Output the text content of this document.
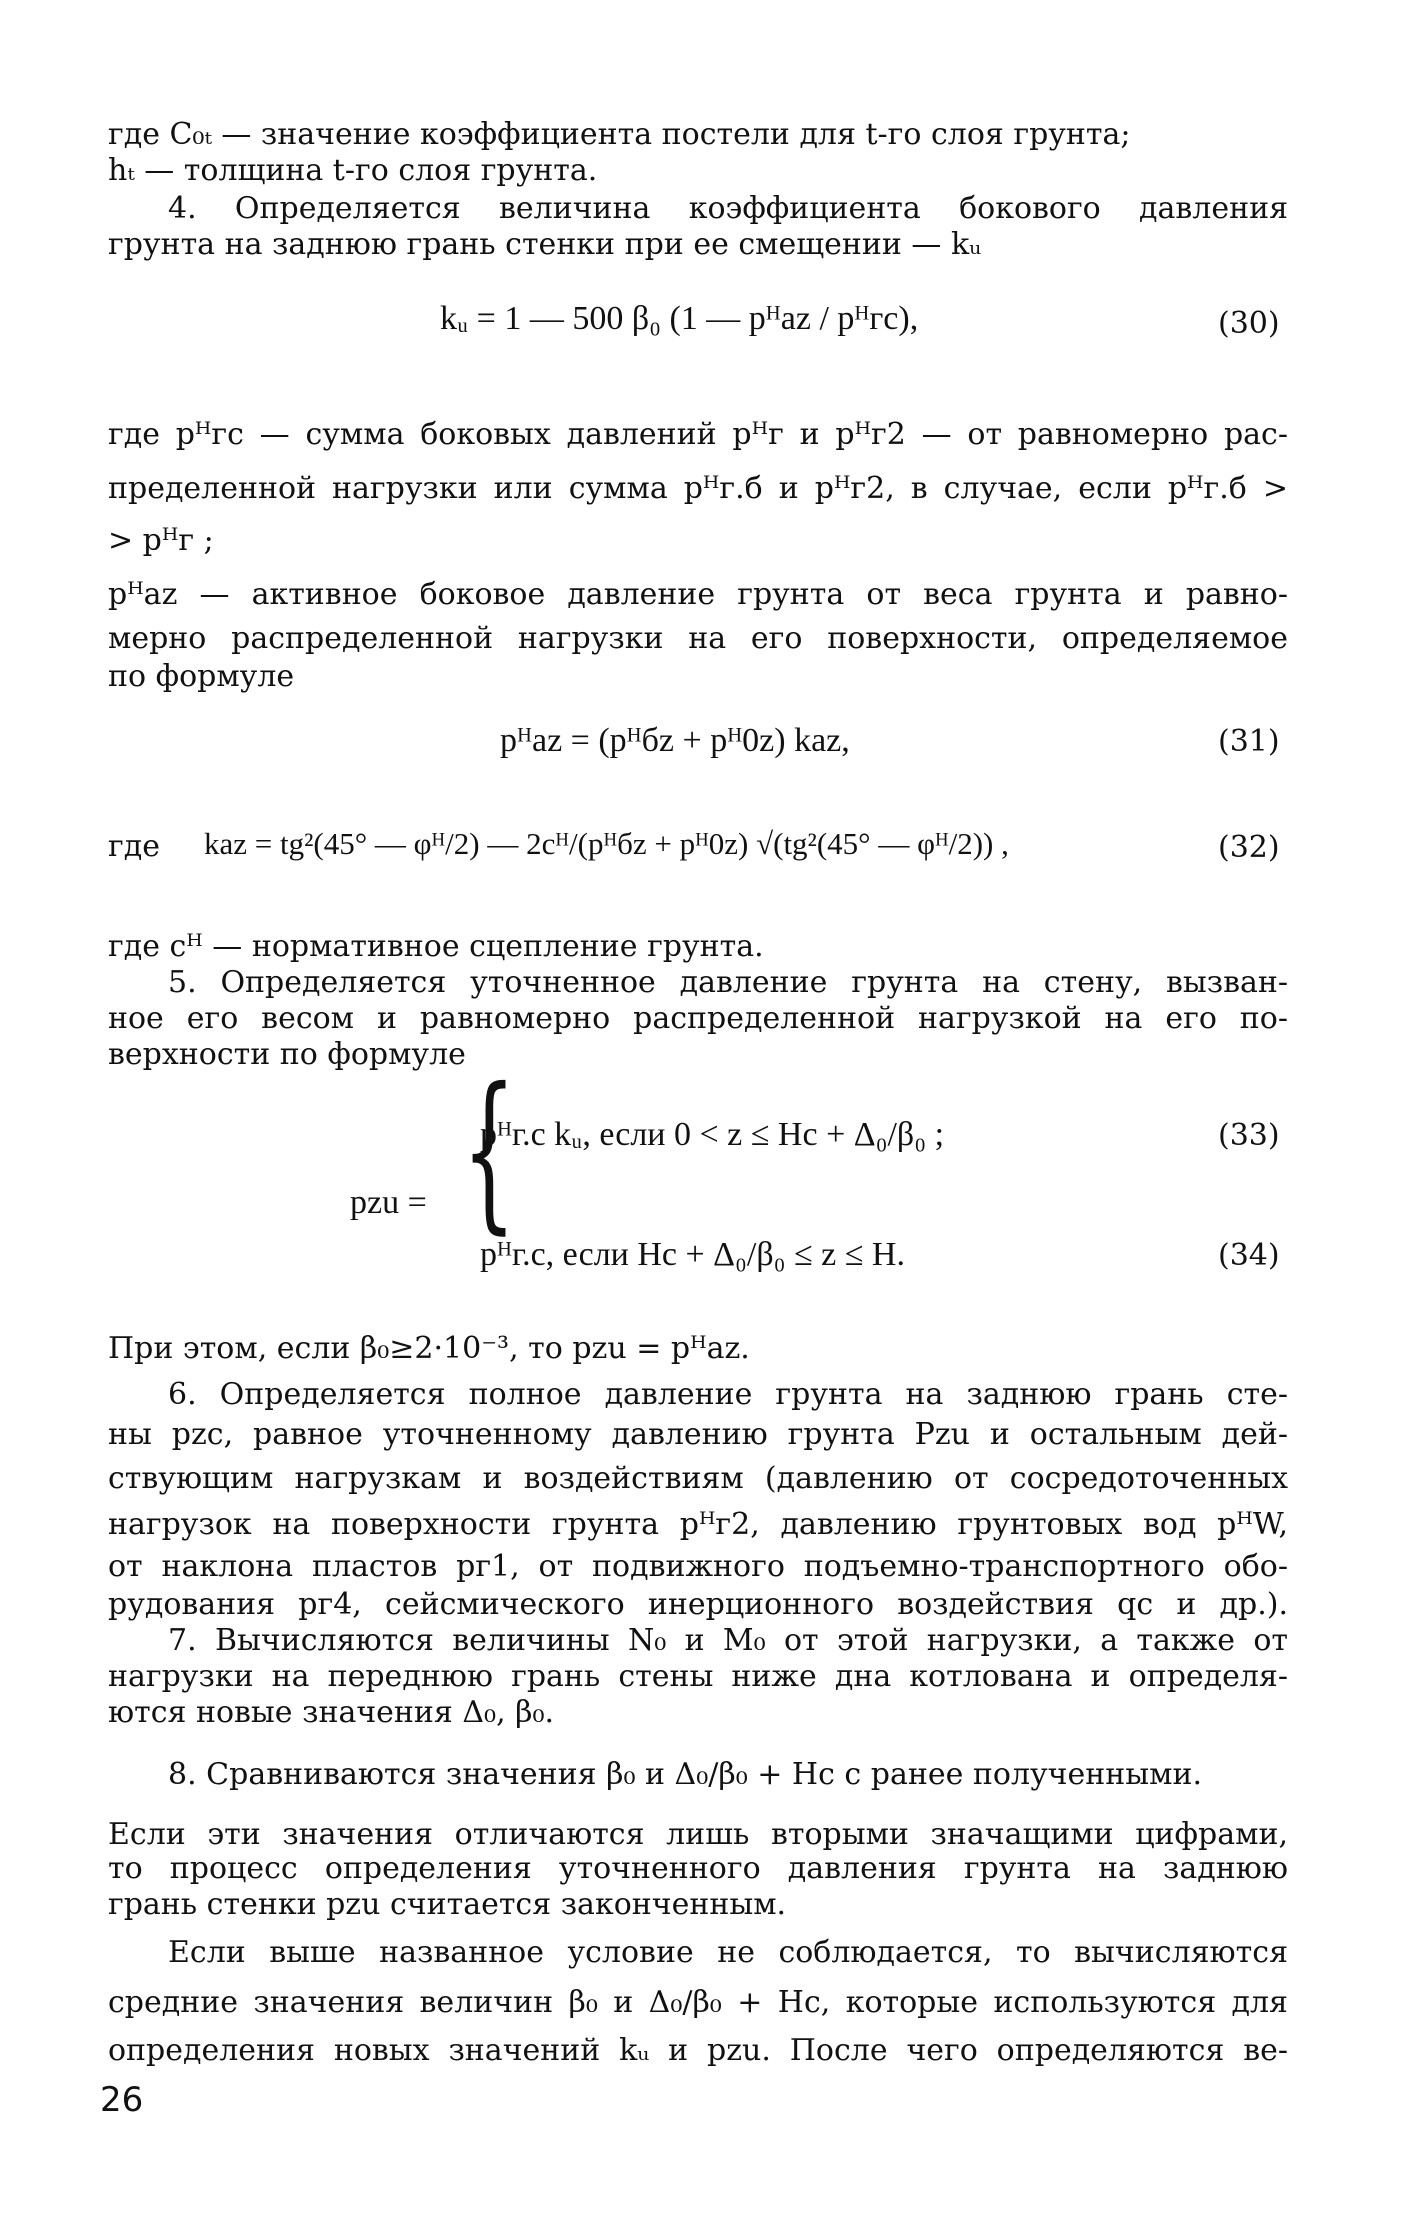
где C₀ₜ — значение коэффициента постели для t-го слоя грунта;
hₜ — толщина t-го слоя грунта.
4. Определяется величина коэффициента бокового давления
грунта на заднюю грань стенки при ее смещении — kᵤ
kᵤ = 1 — 500 β₀ (1 — pᴴaz / pᴴгс),	(30)
где pᴴгс — сумма боковых давлений pᴴг и pᴴг2 — от равномерно рас-
пределенной нагрузки или сумма pᴴг.б и pᴴг2, в случае, если pᴴг.б >
> pᴴг ;
pᴴaz — активное боковое давление грунта от веса грунта и равно-
мерно распределенной нагрузки на его поверхности, определяемое
по формуле
pᴴaz = (pᴴбz + pᴴ0z) kaz,	(31)
где	kaz = tg²(45° — φᴴ/2) — 2cᴴ/(pᴴбz + pᴴ0z) √(tg²(45° — φᴴ/2)) ,	(32)
где cᴴ — нормативное сцепление грунта.
5. Определяется уточненное давление грунта на стену, вызван-
ное его весом и равномерно распределенной нагрузкой на его по-
верхности по формуле
pzu = {
pᴴг.c kᵤ, если 0 < z ≤ Hc + Δ₀/β₀ ;	(33)
pᴴг.c, если Hc + Δ₀/β₀ ≤ z ≤ H.	(34)
При этом, если β₀≥2·10⁻³, то pzu = pᴴaz.
6. Определяется полное давление грунта на заднюю грань сте-
ны pzc, равное уточненному давлению грунта Pzu и остальным дей-
ствующим нагрузкам и воздействиям (давлению от сосредоточенных
нагрузок на поверхности грунта pᴴг2, давлению грунтовых вод pᴴW,
от наклона пластов pг1, от подвижного подъемно-транспортного обо-
рудования pг4, сейсмического инерционного воздействия qc и др.).
7. Вычисляются величины N₀ и M₀ от этой нагрузки, а также от
нагрузки на переднюю грань стены ниже дна котлована и определя-
ются новые значения Δ₀, β₀.
8. Сравниваются значения β₀ и Δ₀/β₀ + Hc с ранее полученными.
Если эти значения отличаются лишь вторыми значащими цифрами,
то процесс определения уточненного давления грунта на заднюю
грань стенки pzu считается законченным.
Если выше названное условие не соблюдается, то вычисляются
средние значения величин β₀ и Δ₀/β₀ + Hc, которые используются для
определения новых значений kᵤ и pzu. После чего определяются ве-
26
